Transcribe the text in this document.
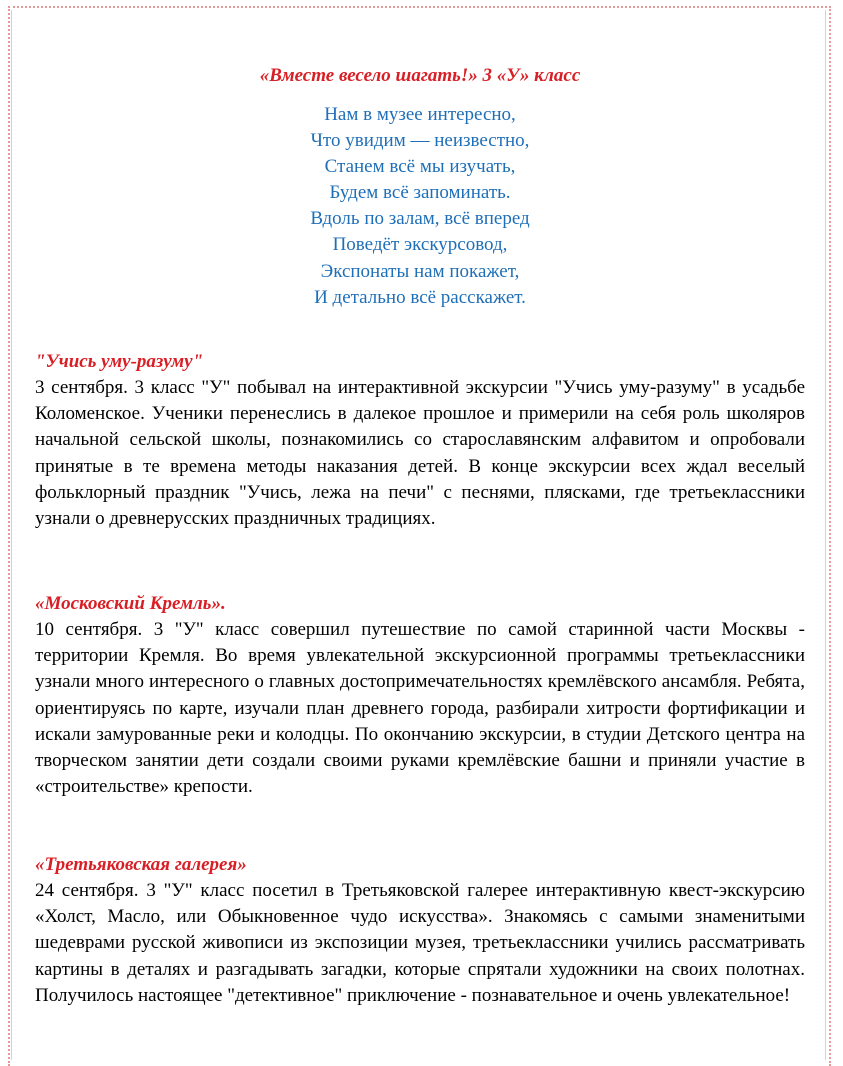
«Вместе весело шагать!» 3 «У» класс
Нам в музее интересно,
Что увидим — неизвестно,
Станем всё мы изучать,
Будем всё запоминать.
Вдоль по залам, всё вперед
Поведёт экскурсовод,
Экспонаты нам покажет,
И детально всё расскажет.

"Учись уму-разуму"

3 сентября. 3 класс "У" побывал на интерактивной экскурсии "Учись уму-разуму" в усадьбе Коломенское. Ученики перенеслись в далекое прошлое и примерили на себя роль школяров начальной сельской школы, познакомились со старославянским алфавитом и опробовали принятые в те времена методы наказания детей. В конце экскурсии всех ждал веселый фольклорный праздник "Учись, лежа на печи" с песнями, плясками, где третьеклассники узнали о древнерусских праздничных традициях.

«Московский Кремль».

10 сентября. 3 "У" класс совершил путешествие по самой старинной части Москвы - территории Кремля. Во время увлекательной экскурсионной программы третьеклассники узнали много интересного о главных достопримечательностях кремлёвского ансамбля. Ребята, ориентируясь по карте, изучали план древнего города, разбирали хитрости фортификации и искали замурованные реки и колодцы. По окончанию экскурсии, в студии Детского центра на творческом занятии дети создали своими руками кремлёвские башни и приняли участие в «строительстве» крепости.

«Третьяковская галерея»

24 сентября. 3 "У" класс посетил в Третьяковской галерее интерактивную квест-экскурсию «Холст, Масло, или Обыкновенное чудо искусства». Знакомясь с самыми знаменитыми шедеврами русской живописи из экспозиции музея, третьеклассники учились рассматривать картины в деталях и разгадывать загадки, которые спрятали художники на своих полотнах. Получилось настоящее "детективное" приключение - познавательное и очень увлекательное!
